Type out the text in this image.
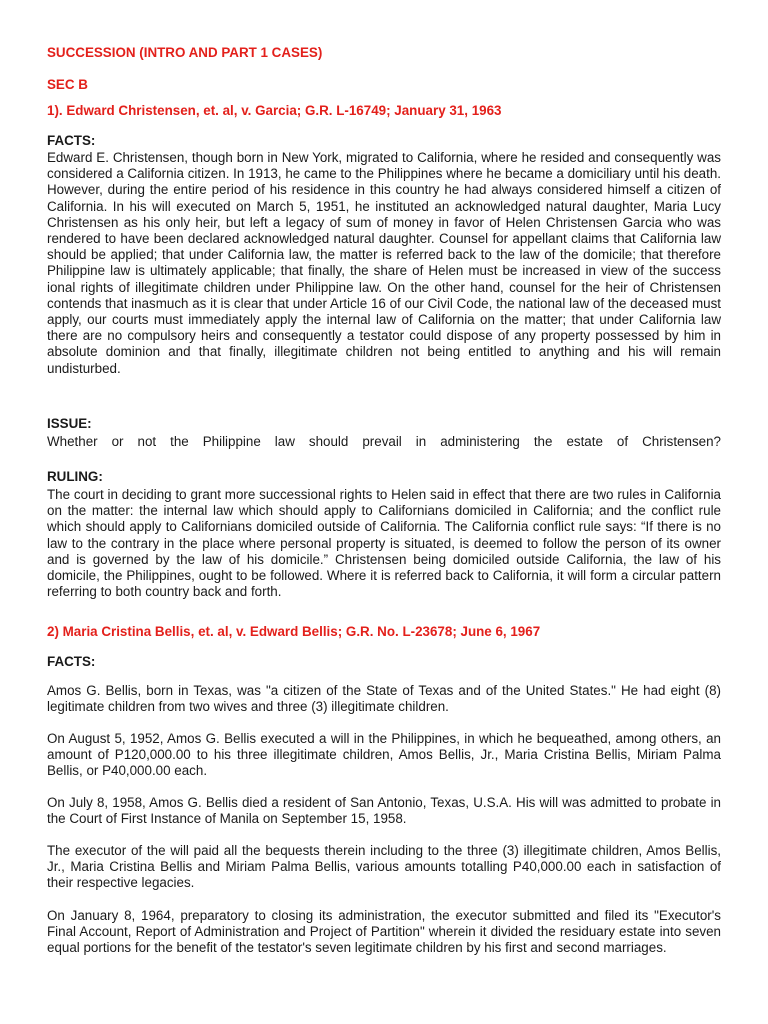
SUCCESSION (INTRO AND PART 1 CASES)

SEC B

1). Edward Christensen, et. al, v. Garcia; G.R. L-16749; January 31, 1963

FACTS:

Edward E. Christensen, though born in New York, migrated to California, where he resided and consequently was considered a California citizen. In 1913, he came to the Philippines where he became a domiciliary until his death. However, during the entire period of his residence in this country he had always considered himself a citizen of California. In his will executed on March 5, 1951, he instituted an acknowledged natural daughter, Maria Lucy Christensen as his only heir, but left a legacy of sum of money in favor of Helen Christensen Garcia who was rendered to have been declared acknowledged natural daughter. Counsel for appellant claims that California law should be applied; that under California law, the matter is referred back to the law of the domicile; that therefore Philippine law is ultimately applicable; that finally, the share of Helen must be increased in view of the success ional rights of illegitimate children under Philippine law. On the other hand, counsel for the heir of Christensen contends that inasmuch as it is clear that under Article 16 of our Civil Code, the national law of the deceased must apply, our courts must immediately apply the internal law of California on the matter; that under California law there are no compulsory heirs and consequently a testator could dispose of any property possessed by him in absolute dominion and that finally, illegitimate children not being entitled to anything and his will remain undisturbed.

ISSUE:

Whether or not the Philippine law should prevail in administering the estate of Christensen?

RULING:

The court in deciding to grant more successional rights to Helen said in effect that there are two rules in California on the matter: the internal law which should apply to Californians domiciled in California; and the conflict rule which should apply to Californians domiciled outside of California. The California conflict rule says: “If there is no law to the contrary in the place where personal property is situated, is deemed to follow the person of its owner and is governed by the law of his domicile.” Christensen being domiciled outside California, the law of his domicile, the Philippines, ought to be followed. Where it is referred back to California, it will form a circular pattern referring to both country back and forth.

2) Maria Cristina Bellis, et. al, v. Edward Bellis; G.R. No. L-23678; June 6, 1967

FACTS:

Amos G. Bellis, born in Texas, was "a citizen of the State of Texas and of the United States." He had eight (8) legitimate children from two wives and three (3) illegitimate children.

On August 5, 1952, Amos G. Bellis executed a will in the Philippines, in which he bequeathed, among others, an amount of P120,000.00 to his three illegitimate children, Amos Bellis, Jr., Maria Cristina Bellis, Miriam Palma Bellis, or P40,000.00 each.

On July 8, 1958, Amos G. Bellis died a resident of San Antonio, Texas, U.S.A. His will was admitted to probate in the Court of First Instance of Manila on September 15, 1958.

The executor of the will paid all the bequests therein including to the three (3) illegitimate children, Amos Bellis, Jr., Maria Cristina Bellis and Miriam Palma Bellis, various amounts totalling P40,000.00 each in satisfaction of their respective legacies.

On January 8, 1964, preparatory to closing its administration, the executor submitted and filed its "Executor's Final Account, Report of Administration and Project of Partition" wherein it divided the residuary estate into seven equal portions for the benefit of the testator's seven legitimate children by his first and second marriages.
